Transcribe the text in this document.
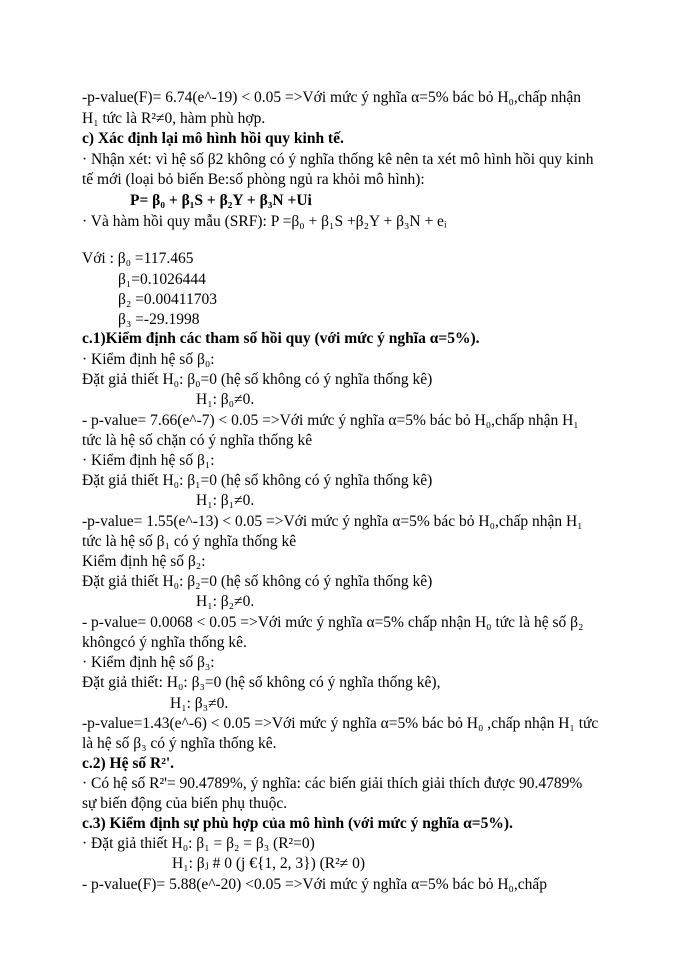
-p-value(F)= 6.74(e^-19) < 0.05 =>Với mức ý nghĩa α=5% bác bỏ H₀,chấp nhận
H₁ tức là R²≠0, hàm phù hợp.
c) Xác định lại mô hình hồi quy kinh tế.
· Nhận xét: vì hệ số β2 không có ý nghĩa thống kê nên ta xét mô hình hồi quy kinh
tế mới (loại bỏ biến Be:số phòng ngủ ra khỏi mô hình):
P= β₀ + β₁S + β₂Y + β₃N +Ui
· Và hàm hồi quy mẫu (SRF): P =β₀ + β₁S +β₂Y + β₃N + eᵢ
Với : β₀ =117.465
β₁=0.1026444
β₂ =0.00411703
β₃ =-29.1998
c.1)Kiểm định các tham số hồi quy (với mức ý nghĩa α=5%).
· Kiểm định hệ số β₀:
Đặt giả thiết H₀: β₀=0 (hệ số không có ý nghĩa thống kê)
H₁: β₀≠0.
- p-value= 7.66(e^-7) < 0.05 =>Với mức ý nghĩa α=5% bác bỏ H₀,chấp nhận H₁
tức là hệ số chặn có ý nghĩa thống kê
· Kiểm định hệ số β₁:
Đặt giả thiết H₀: β₁=0 (hệ số không có ý nghĩa thống kê)
H₁: β₁≠0.
-p-value= 1.55(e^-13) < 0.05 =>Với mức ý nghĩa α=5% bác bỏ H₀,chấp nhận H₁
tức là hệ số β₁ có ý nghĩa thống kê
Kiểm định hệ số β₂:
Đặt giả thiết H₀: β₂=0 (hệ số không có ý nghĩa thống kê)
H₁: β₂≠0.
- p-value= 0.0068 < 0.05 =>Với mức ý nghĩa α=5% chấp nhận H₀ tức là hệ số β₂
khôngcó ý nghĩa thống kê.
· Kiểm định hệ số β₃:
Đặt giả thiết: H₀: β₃=0 (hệ số không có ý nghĩa thống kê),
H₁: β₃≠0.
-p-value=1.43(e^-6) < 0.05 =>Với mức ý nghĩa α=5% bác bỏ H₀ ,chấp nhận H₁ tức
là hệ số β₃ có ý nghĩa thống kê.
c.2) Hệ số R²'.
· Có hệ số R²'= 90.4789%, ý nghĩa: các biến giải thích giải thích được 90.4789%
sự biến động của biến phụ thuộc.
c.3) Kiểm định sự phù hợp của mô hình (với mức ý nghĩa α=5%).
· Đặt giả thiết H₀: β₁ = β₂ = β₃ (R²=0)
H₁: βⱼ # 0 (j €{1, 2, 3}) (R²≠ 0)
- p-value(F)= 5.88(e^-20) <0.05 =>Với mức ý nghĩa α=5% bác bỏ H₀,chấp
